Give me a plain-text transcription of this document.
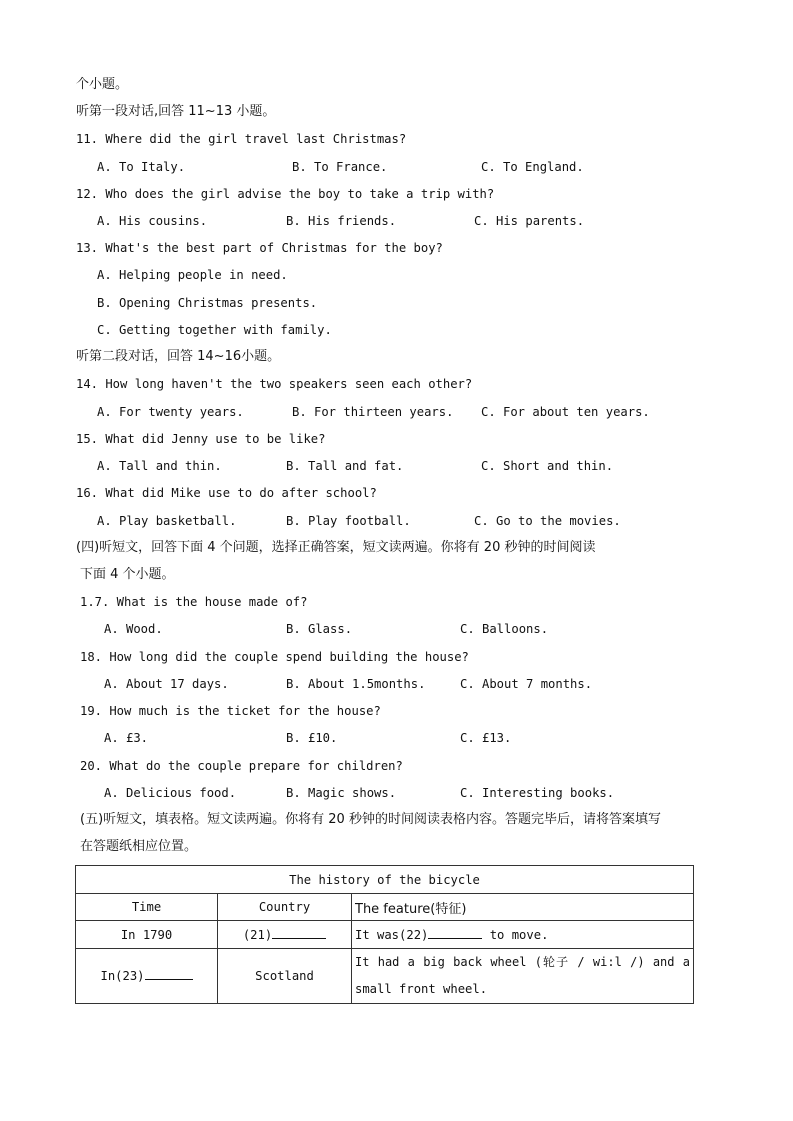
个小题。
听第一段对话,回答 11~13 小题。
11. Where did the girl travel last Christmas?
A. To Italy.	B. To France.	C. To England.
12. Who does the girl advise the boy to take a trip with?
A. His cousins.	B. His friends.	C. His parents.
13. What's the best part of Christmas for the boy?
A. Helping people in need.
B. Opening Christmas presents.
C. Getting together with family.
听第二段对话，回答 14~16小题。
14. How long haven't the two speakers seen each other?
A. For twenty years.	B. For thirteen years. C. For about ten years.
15. What did Jenny use to be like?
A. Tall and thin.	B. Tall and fat.	C. Short and thin.
16. What did Mike use to do after school?
A. Play basketball.	B. Play football.	C. Go to the movies.
(四)听短文，回答下面 4 个问题，选择正确答案，短文读两遍。你将有 20 秒钟的时间阅读
下面 4 个小题。
1.7. What is the house made of?
A. Wood.	B. Glass.	C. Balloons.
18. How long did the couple spend building the house?
A. About 17 days.	B. About 1.5months.	C. About 7 months.
19. How much is the ticket for the house?
A. £3.	B. £10.	C. £13.
20. What do the couple prepare for children?
A. Delicious food.	B. Magic shows.	C. Interesting books.
(五)听短文，填表格。短文读两遍。你将有 20 秒钟的时间阅读表格内容。答题完毕后，请将答案填写
在答题纸相应位置。
The history of the bicycle		
Time	Country	The feature(特征)
In 1790	(21)	It was(22) to move.
In(23)	Scotland	It had a big back wheel (轮子 / wi:l /) and a
small front wheel.
